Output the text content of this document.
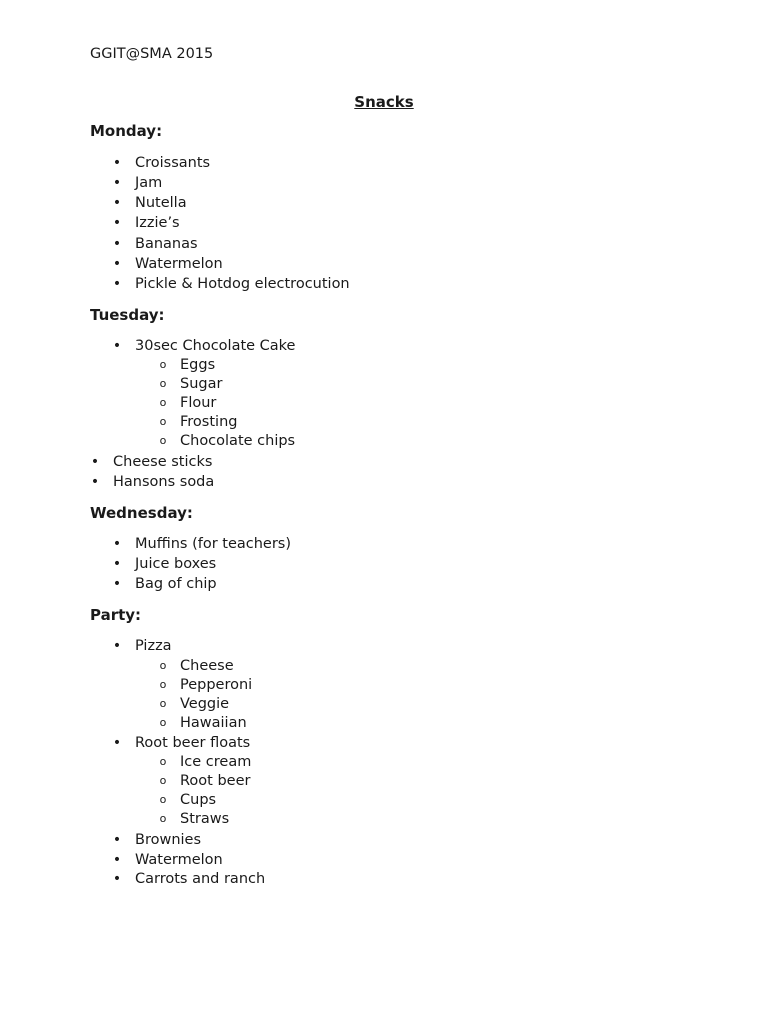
GGIT@SMA 2015
Snacks
Monday:
• Croissants
• Jam
• Nutella
• Izzie’s
• Bananas
• Watermelon
• Pickle & Hotdog electrocution
Tuesday:
• 30sec Chocolate Cake
o Eggs
o Sugar
o Flour
o Frosting
o Chocolate chips
• Cheese sticks
• Hansons soda
Wednesday:
• Muffins (for teachers)
• Juice boxes
• Bag of chip
Party:
• Pizza
o Cheese
o Pepperoni
o Veggie
o Hawaiian
• Root beer floats
o Ice cream
o Root beer
o Cups
o Straws
• Brownies
• Watermelon
• Carrots and ranch
